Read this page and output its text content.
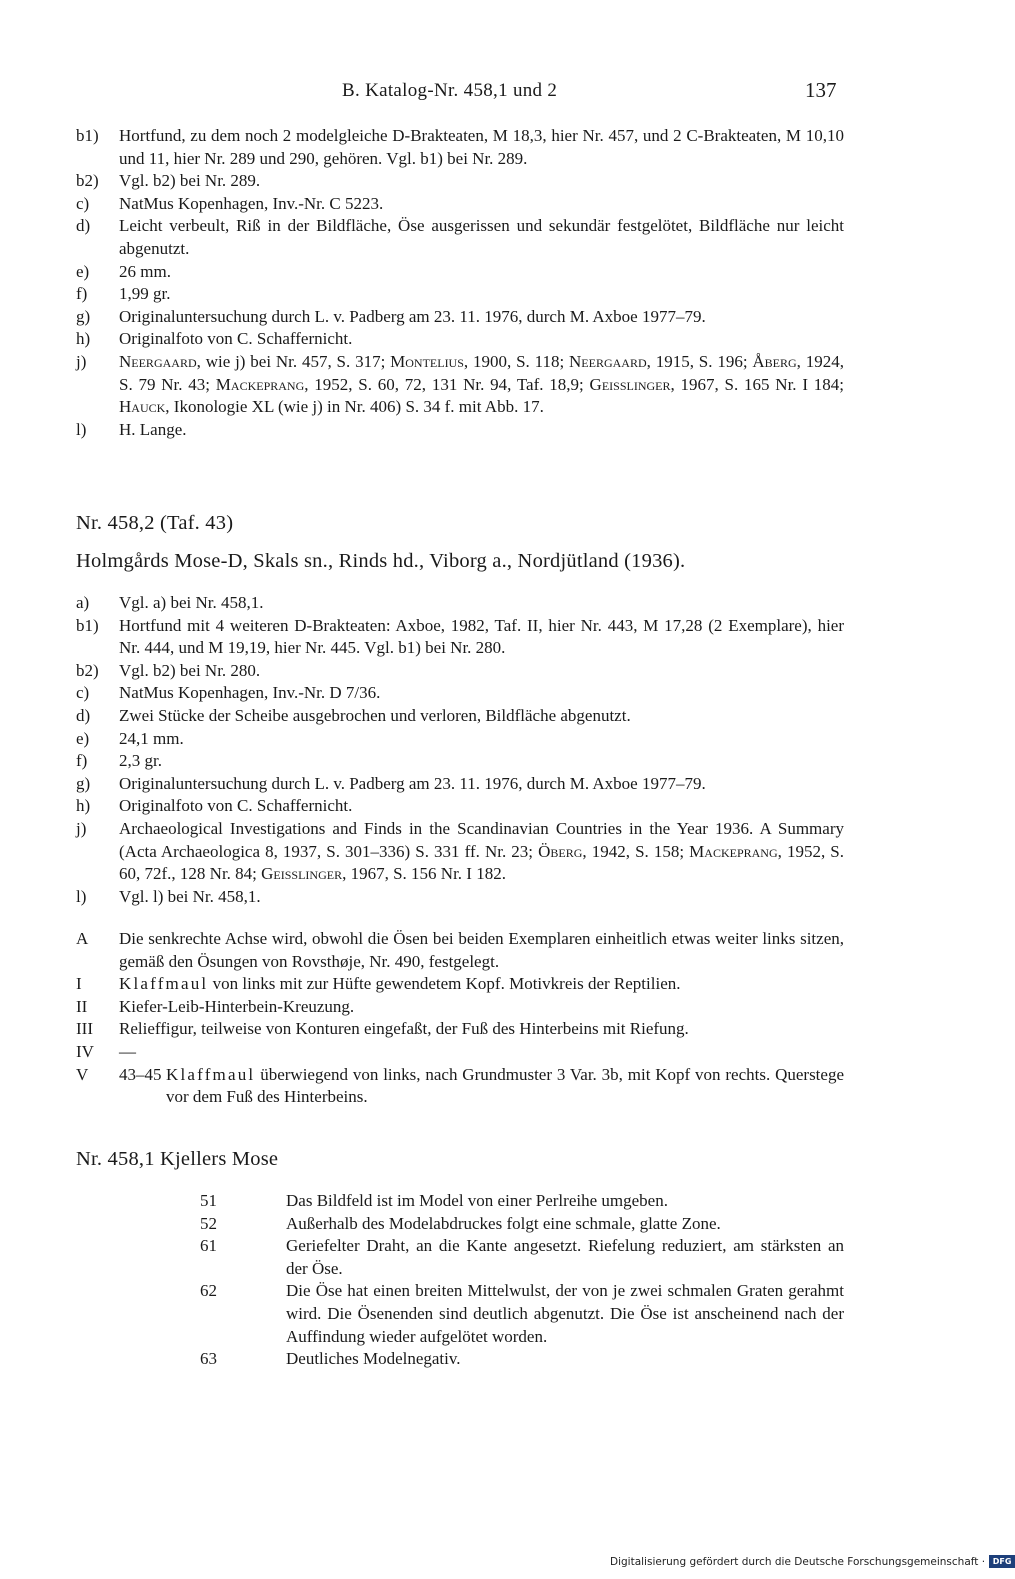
B. Katalog-Nr. 458,1 und 2	137
b1)	Hortfund, zu dem noch 2 modelgleiche D-Brakteaten, M 18,3, hier Nr. 457, und 2 C-Brakteaten, M 10,10 und 11, hier Nr. 289 und 290, gehören. Vgl. b1) bei Nr. 289.
b2)	Vgl. b2) bei Nr. 289.
c)	NatMus Kopenhagen, Inv.-Nr. C 5223.
d)	Leicht verbeult, Riß in der Bildfläche, Öse ausgerissen und sekundär festgelötet, Bildfläche nur leicht abgenutzt.
e)	26 mm.
f)	1,99 gr.
g)	Originaluntersuchung durch L. v. Padberg am 23. 11. 1976, durch M. Axboe 1977–79.
h)	Originalfoto von C. Schaffernicht.
j)	Neergaard, wie j) bei Nr. 457, S. 317; Montelius, 1900, S. 118; Neergaard, 1915, S. 196; Åberg, 1924, S. 79 Nr. 43; Mackeprang, 1952, S. 60, 72, 131 Nr. 94, Taf. 18,9; Geisslinger, 1967, S. 165 Nr. I 184; Hauck, Ikonologie XL (wie j) in Nr. 406) S. 34 f. mit Abb. 17.
l)	H. Lange.
Nr. 458,2 (Taf. 43)
Holmgårds Mose-D, Skals sn., Rinds hd., Viborg a., Nordjütland (1936).
a)	Vgl. a) bei Nr. 458,1.
b1)	Hortfund mit 4 weiteren D-Brakteaten: Axboe, 1982, Taf. II, hier Nr. 443, M 17,28 (2 Exemplare), hier Nr. 444, und M 19,19, hier Nr. 445. Vgl. b1) bei Nr. 280.
b2)	Vgl. b2) bei Nr. 280.
c)	NatMus Kopenhagen, Inv.-Nr. D 7/36.
d)	Zwei Stücke der Scheibe ausgebrochen und verloren, Bildfläche abgenutzt.
e)	24,1 mm.
f)	2,3 gr.
g)	Originaluntersuchung durch L. v. Padberg am 23. 11. 1976, durch M. Axboe 1977–79.
h)	Originalfoto von C. Schaffernicht.
j)	Archaeological Investigations and Finds in the Scandinavian Countries in the Year 1936. A Summary (Acta Archaeologica 8, 1937, S. 301–336) S. 331 ff. Nr. 23; Öberg, 1942, S. 158; Mackeprang, 1952, S. 60, 72f., 128 Nr. 84; Geisslinger, 1967, S. 156 Nr. I 182.
l)	Vgl. l) bei Nr. 458,1.
A	Die senkrechte Achse wird, obwohl die Ösen bei beiden Exemplaren einheitlich etwas weiter links sitzen, gemäß den Ösungen von Rovsthøje, Nr. 490, festgelegt.
I	Klaffmaul von links mit zur Hüfte gewendetem Kopf. Motivkreis der Reptilien.
II	Kiefer-Leib-Hinterbein-Kreuzung.
III	Relieffigur, teilweise von Konturen eingefaßt, der Fuß des Hinterbeins mit Riefung.
IV	—
V	43–45 Klaffmaul überwiegend von links, nach Grundmuster 3 Var. 3b, mit Kopf von rechts. Querstege vor dem Fuß des Hinterbeins.
Nr. 458,1 Kjellers Mose
51	Das Bildfeld ist im Model von einer Perlreihe umgeben.
52	Außerhalb des Modelabdruckes folgt eine schmale, glatte Zone.
61	Geriefelter Draht, an die Kante angesetzt. Riefelung reduziert, am stärksten an der Öse.
62	Die Öse hat einen breiten Mittelwulst, der von je zwei schmalen Graten gerahmt wird. Die Ösenenden sind deutlich abgenutzt. Die Öse ist anscheinend nach der Auffindung wieder aufgelötet worden.
63	Deutliches Modelnegativ.
Digitalisierung gefördert durch die Deutsche Forschungsgemeinschaft · DFG
